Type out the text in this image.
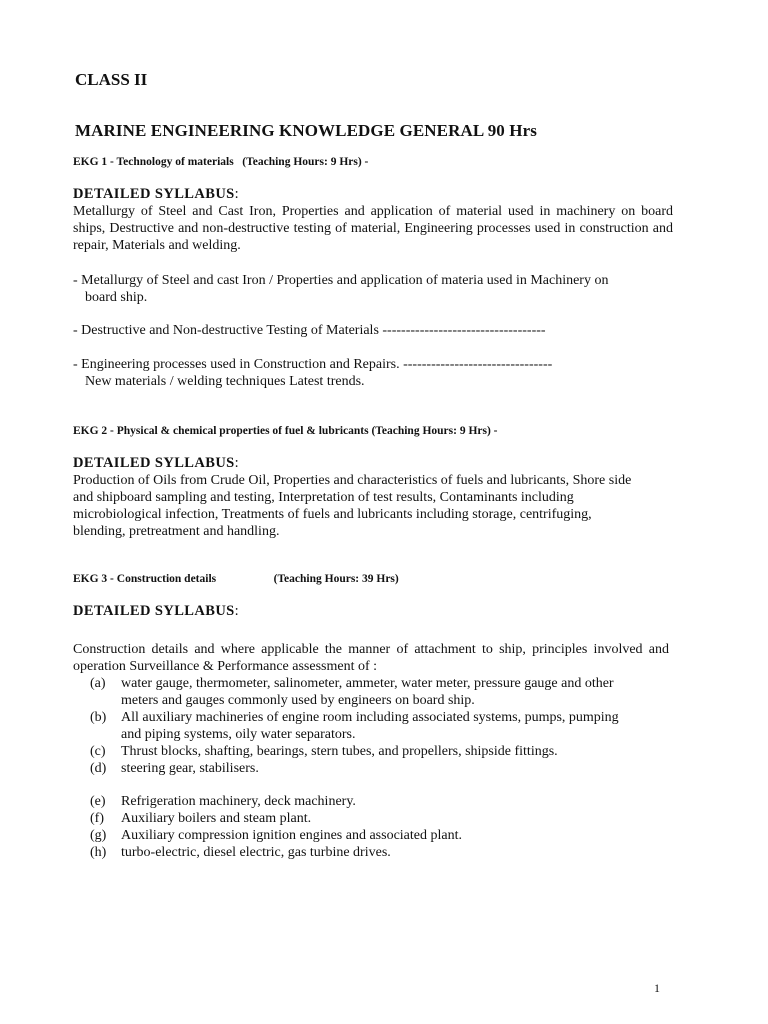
CLASS II
MARINE ENGINEERING KNOWLEDGE GENERAL 90 Hrs
EKG 1 - Technology of materials   (Teaching Hours: 9 Hrs) -
DETAILED SYLLABUS:
Metallurgy of Steel and Cast Iron, Properties and application of material used in machinery on board ships, Destructive and non-destructive testing of material, Engineering processes used in construction and repair, Materials and welding.
- Metallurgy of Steel and cast Iron / Properties and application of materia used in Machinery on
board ship.
- Destructive and Non-destructive Testing of Materials -----------------------------------
- Engineering processes used in Construction and Repairs. --------------------------------
New materials / welding techniques Latest trends.
EKG 2 - Physical & chemical properties of fuel & lubricants (Teaching Hours: 9 Hrs) -
DETAILED SYLLABUS:
Production of Oils from Crude Oil, Properties and characteristics of fuels and lubricants, Shore side and shipboard sampling and testing, Interpretation of test results, Contaminants including microbiological infection, Treatments of fuels and lubricants including storage, centrifuging, blending, pretreatment and handling.
EKG 3 - Construction details                    (Teaching Hours: 39 Hrs)
DETAILED SYLLABUS:
Construction details and where applicable the manner of attachment to ship, principles involved and operation Surveillance & Performance assessment of :
(a) water gauge, thermometer, salinometer, ammeter, water meter, pressure gauge and other meters and gauges commonly used by engineers on board ship.
(b) All auxiliary machineries of engine room including associated systems, pumps, pumping and piping systems, oily water separators.
(c) Thrust blocks, shafting, bearings, stern tubes, and propellers, shipside fittings.
(d) steering gear, stabilisers.
(e) Refrigeration machinery, deck machinery.
(f) Auxiliary boilers and steam plant.
(g) Auxiliary compression ignition engines and associated plant.
(h) turbo-electric, diesel electric, gas turbine drives.
1
